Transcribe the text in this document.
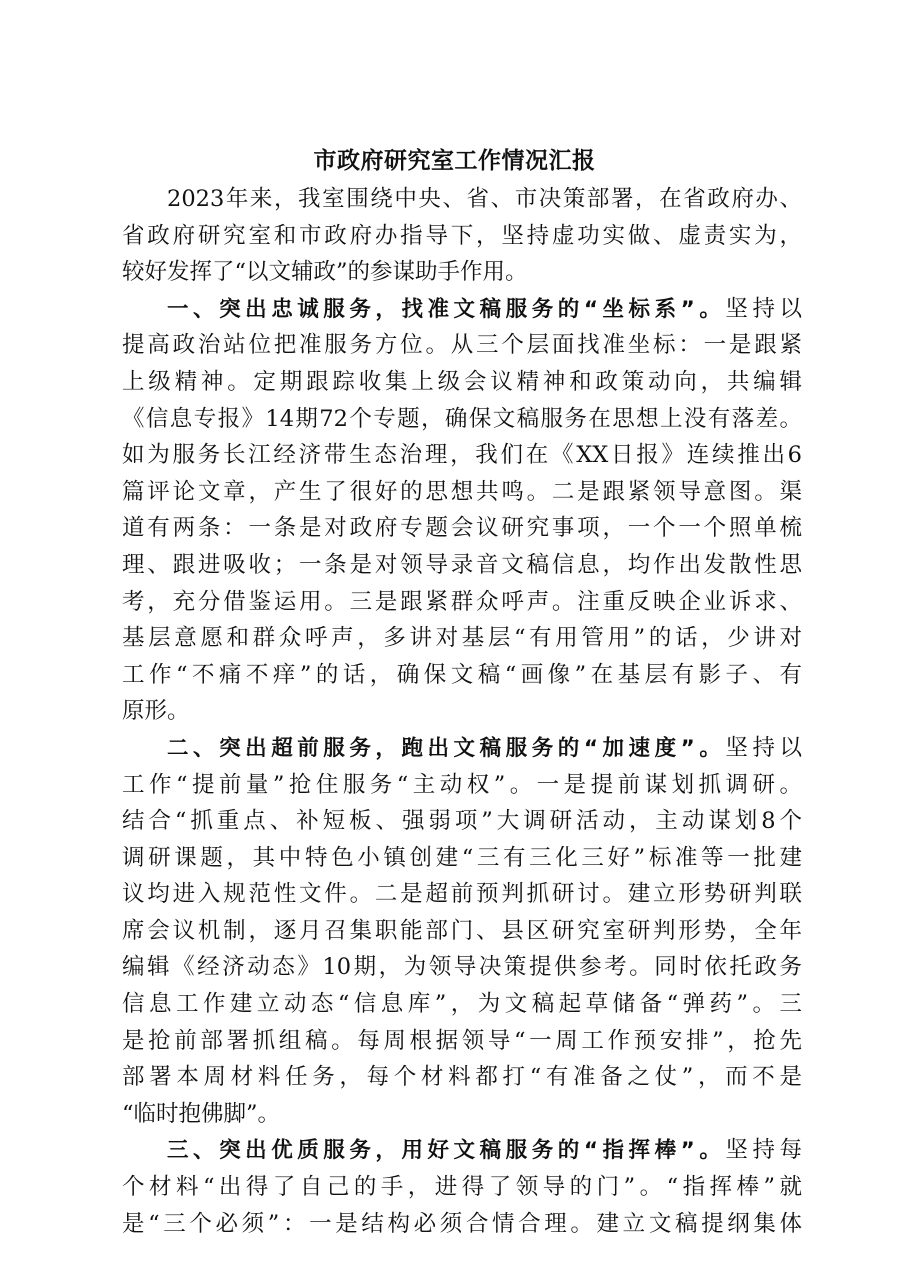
市政府研究室工作情况汇报
2023年来，我室围绕中央、省、市决策部署，在省政府办、
省政府研究室和市政府办指导下，坚持虚功实做、虚责实为，
较好发挥了“以文辅政”的参谋助手作用。
一、突出忠诚服务，找准文稿服务的“坐标系”。坚持以
提高政治站位把准服务方位。从三个层面找准坐标：一是跟紧
上级精神。定期跟踪收集上级会议精神和政策动向，共编辑
《信息专报》14期72个专题，确保文稿服务在思想上没有落差。
如为服务长江经济带生态治理，我们在《XX日报》连续推出6
篇评论文章，产生了很好的思想共鸣。二是跟紧领导意图。渠
道有两条：一条是对政府专题会议研究事项，一个一个照单梳
理、跟进吸收；一条是对领导录音文稿信息，均作出发散性思
考，充分借鉴运用。三是跟紧群众呼声。注重反映企业诉求、
基层意愿和群众呼声，多讲对基层“有用管用”的话，少讲对
工作“不痛不痒”的话，确保文稿“画像”在基层有影子、有
原形。
二、突出超前服务，跑出文稿服务的“加速度”。坚持以
工作“提前量”抢住服务“主动权”。一是提前谋划抓调研。
结合“抓重点、补短板、强弱项”大调研活动，主动谋划8个
调研课题，其中特色小镇创建“三有三化三好”标准等一批建
议均进入规范性文件。二是超前预判抓研讨。建立形势研判联
席会议机制，逐月召集职能部门、县区研究室研判形势，全年
编辑《经济动态》10期，为领导决策提供参考。同时依托政务
信息工作建立动态“信息库”，为文稿起草储备“弹药”。三
是抢前部署抓组稿。每周根据领导“一周工作预安排”，抢先
部署本周材料任务，每个材料都打“有准备之仗”，而不是
“临时抱佛脚”。
三、突出优质服务，用好文稿服务的“指挥棒”。坚持每
个材料“出得了自己的手，进得了领导的门”。“指挥棒”就
是“三个必须”：一是结构必须合情合理。建立文稿提纲集体
